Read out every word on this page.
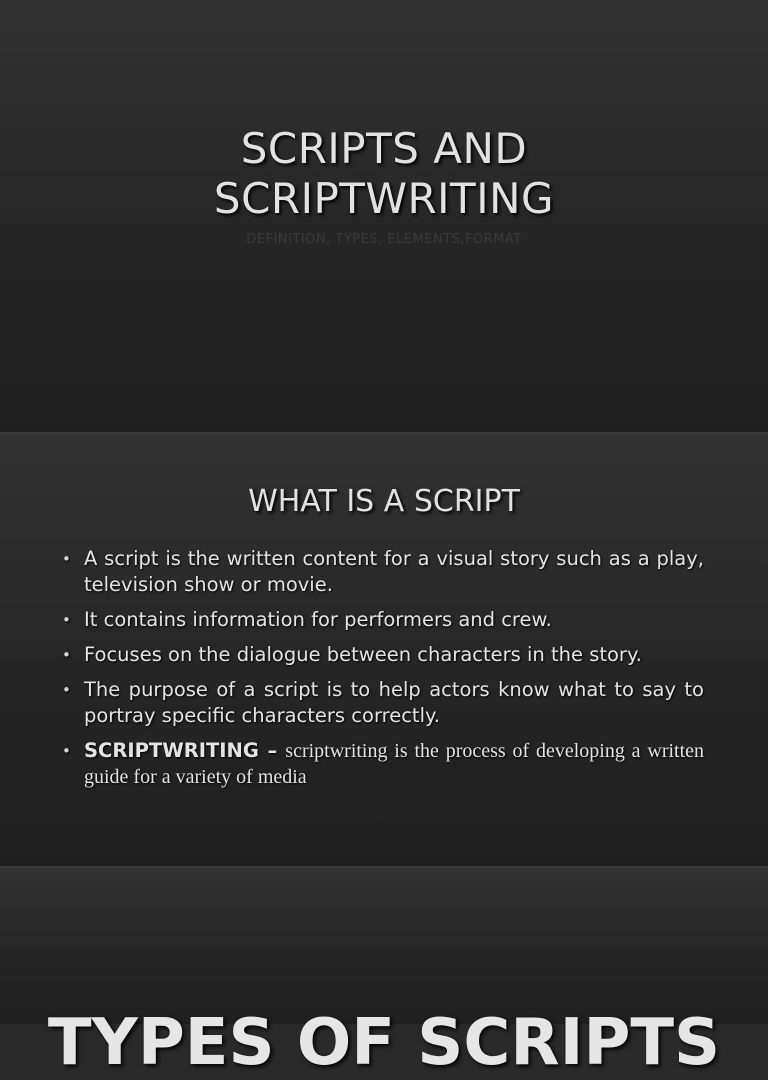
SCRIPTS AND
SCRIPTWRITING
DEFINITION, TYPES, ELEMENTS,FORMAT
WHAT IS A SCRIPT
• A script is the written content for a visual story such as a play, television show or movie.
• It contains information for performers and crew.
• Focuses on the dialogue between characters in the story.
• The purpose of a script is to help actors know what to say to portray specific characters correctly.
• SCRIPTWRITING – scriptwriting is the process of developing a written guide for a variety of media
TYPES OF SCRIPTS
